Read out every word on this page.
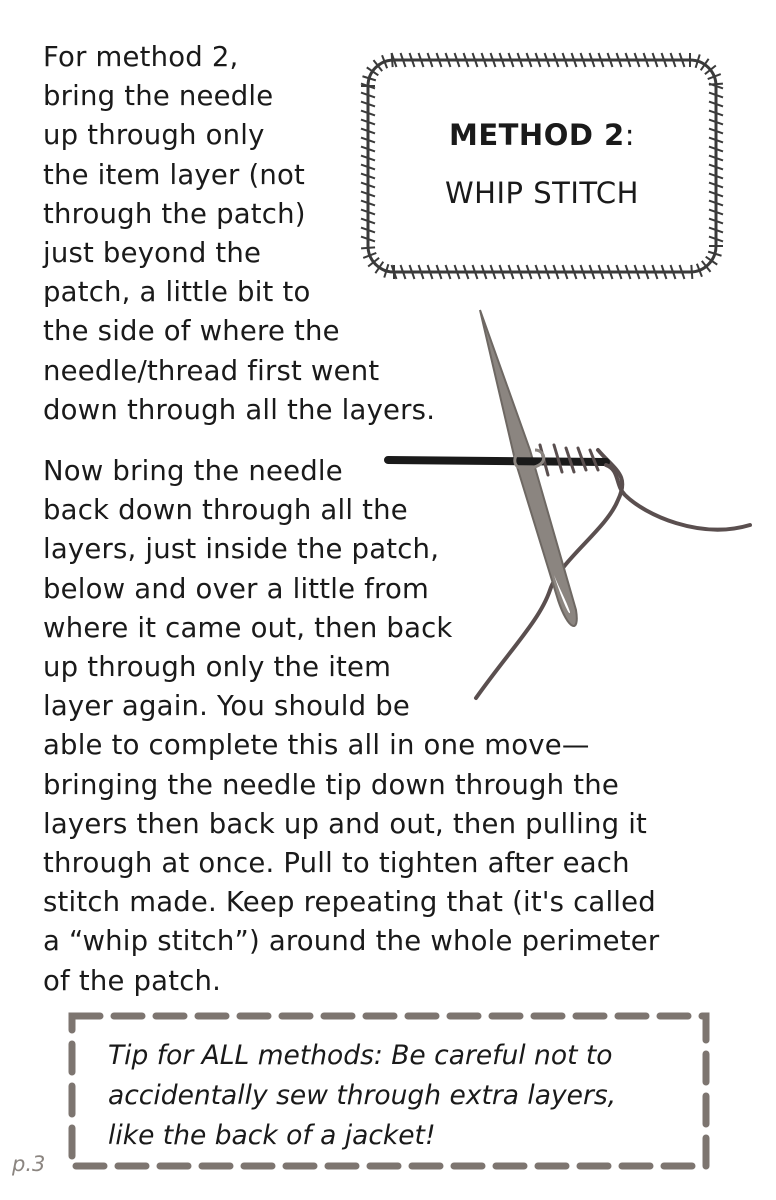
For method 2,
bring the needle
up through only
the item layer (not
through the patch)
just beyond the
patch, a little bit to
the side of where the
needle/thread first went
down through all the layers.

METHOD 2:
WHIP STITCH

Now bring the needle
back down through all the
layers, just inside the patch,
below and over a little from
where it came out, then back
up through only the item
layer again. You should be
able to complete this all in one move—
bringing the needle tip down through the
layers then back up and out, then pulling it
through at once. Pull to tighten after each
stitch made. Keep repeating that (it's called
a “whip stitch”) around the whole perimeter
of the patch.

Tip for ALL methods: Be careful not to
accidentally sew through extra layers,
like the back of a jacket!

p.3
